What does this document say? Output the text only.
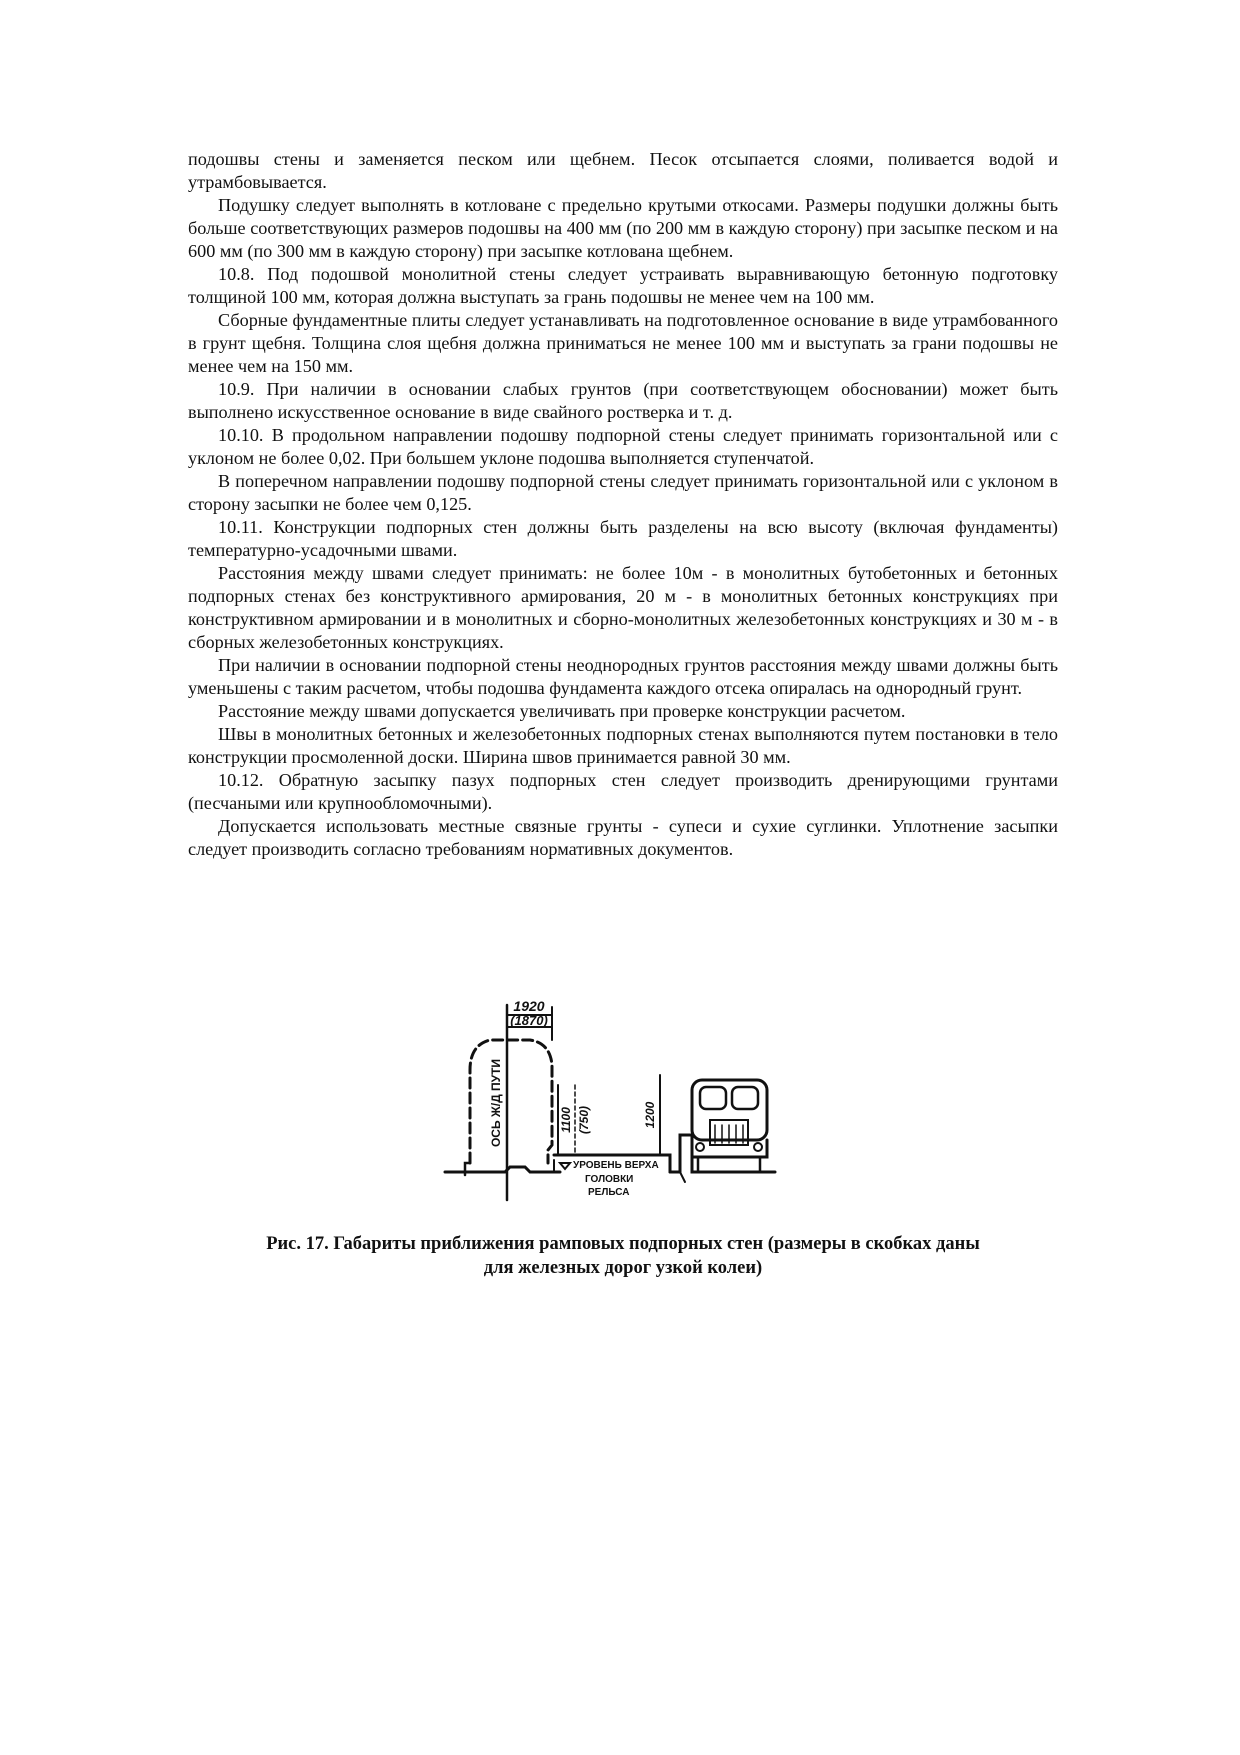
подошвы стены и заменяется песком или щебнем. Песок отсыпается слоями, поливается водой и утрамбовывается.

Подушку следует выполнять в котловане с предельно крутыми откосами. Размеры подушки должны быть больше соответствующих размеров подошвы на 400 мм (по 200 мм в каждую сторону) при засыпке песком и на 600 мм (по 300 мм в каждую сторону) при засыпке котлована щебнем.

10.8. Под подошвой монолитной стены следует устраивать выравнивающую бетонную подготовку толщиной 100 мм, которая должна выступать за грань подошвы не менее чем на 100 мм.

Сборные фундаментные плиты следует устанавливать на подготовленное основание в виде утрамбованного в грунт щебня. Толщина слоя щебня должна приниматься не менее 100 мм и выступать за грани подошвы не менее чем на 150 мм.

10.9. При наличии в основании слабых грунтов (при соответствующем обосновании) может быть выполнено искусственное основание в виде свайного ростверка и т. д.

10.10. В продольном направлении подошву подпорной стены следует принимать горизонтальной или с уклоном не более 0,02. При большем уклоне подошва выполняется ступенчатой.

В поперечном направлении подошву подпорной стены следует принимать горизонтальной или с уклоном в сторону засыпки не более чем 0,125.

10.11. Конструкции подпорных стен должны быть разделены на всю высоту (включая фундаменты) температурно-усадочными швами.

Расстояния между швами следует принимать: не более 10м - в монолитных бутобетонных и бетонных подпорных стенах без конструктивного армирования, 20 м - в монолитных бетонных конструкциях при конструктивном армировании и в монолитных и сборно-монолитных железобетонных конструкциях и 30 м - в сборных железобетонных конструкциях.

При наличии в основании подпорной стены неоднородных грунтов расстояния между швами должны быть уменьшены с таким расчетом, чтобы подошва фундамента каждого отсека опиралась на однородный грунт.

Расстояние между швами допускается увеличивать при проверке конструкции расчетом.

Швы в монолитных бетонных и железобетонных подпорных стенах выполняются путем постановки в тело конструкции просмоленной доски. Ширина швов принимается равной 30 мм.

10.12. Обратную засыпку пазух подпорных стен следует производить дренирующими грунтами (песчаными или крупнообломочными).

Допускается использовать местные связные грунты - супеси и сухие суглинки. Уплотнение засыпки следует производить согласно требованиям нормативных документов.

1920
(1870)
ОСЬ Ж/Д ПУТИ	1100 (750)	1200
УРОВЕНЬ ВЕРХА
ГОЛОВКИ
РЕЛЬСА
Рис. 17. Габариты приближения рамповых подпорных стен (размеры в скобках даны
для железных дорог узкой колеи)
